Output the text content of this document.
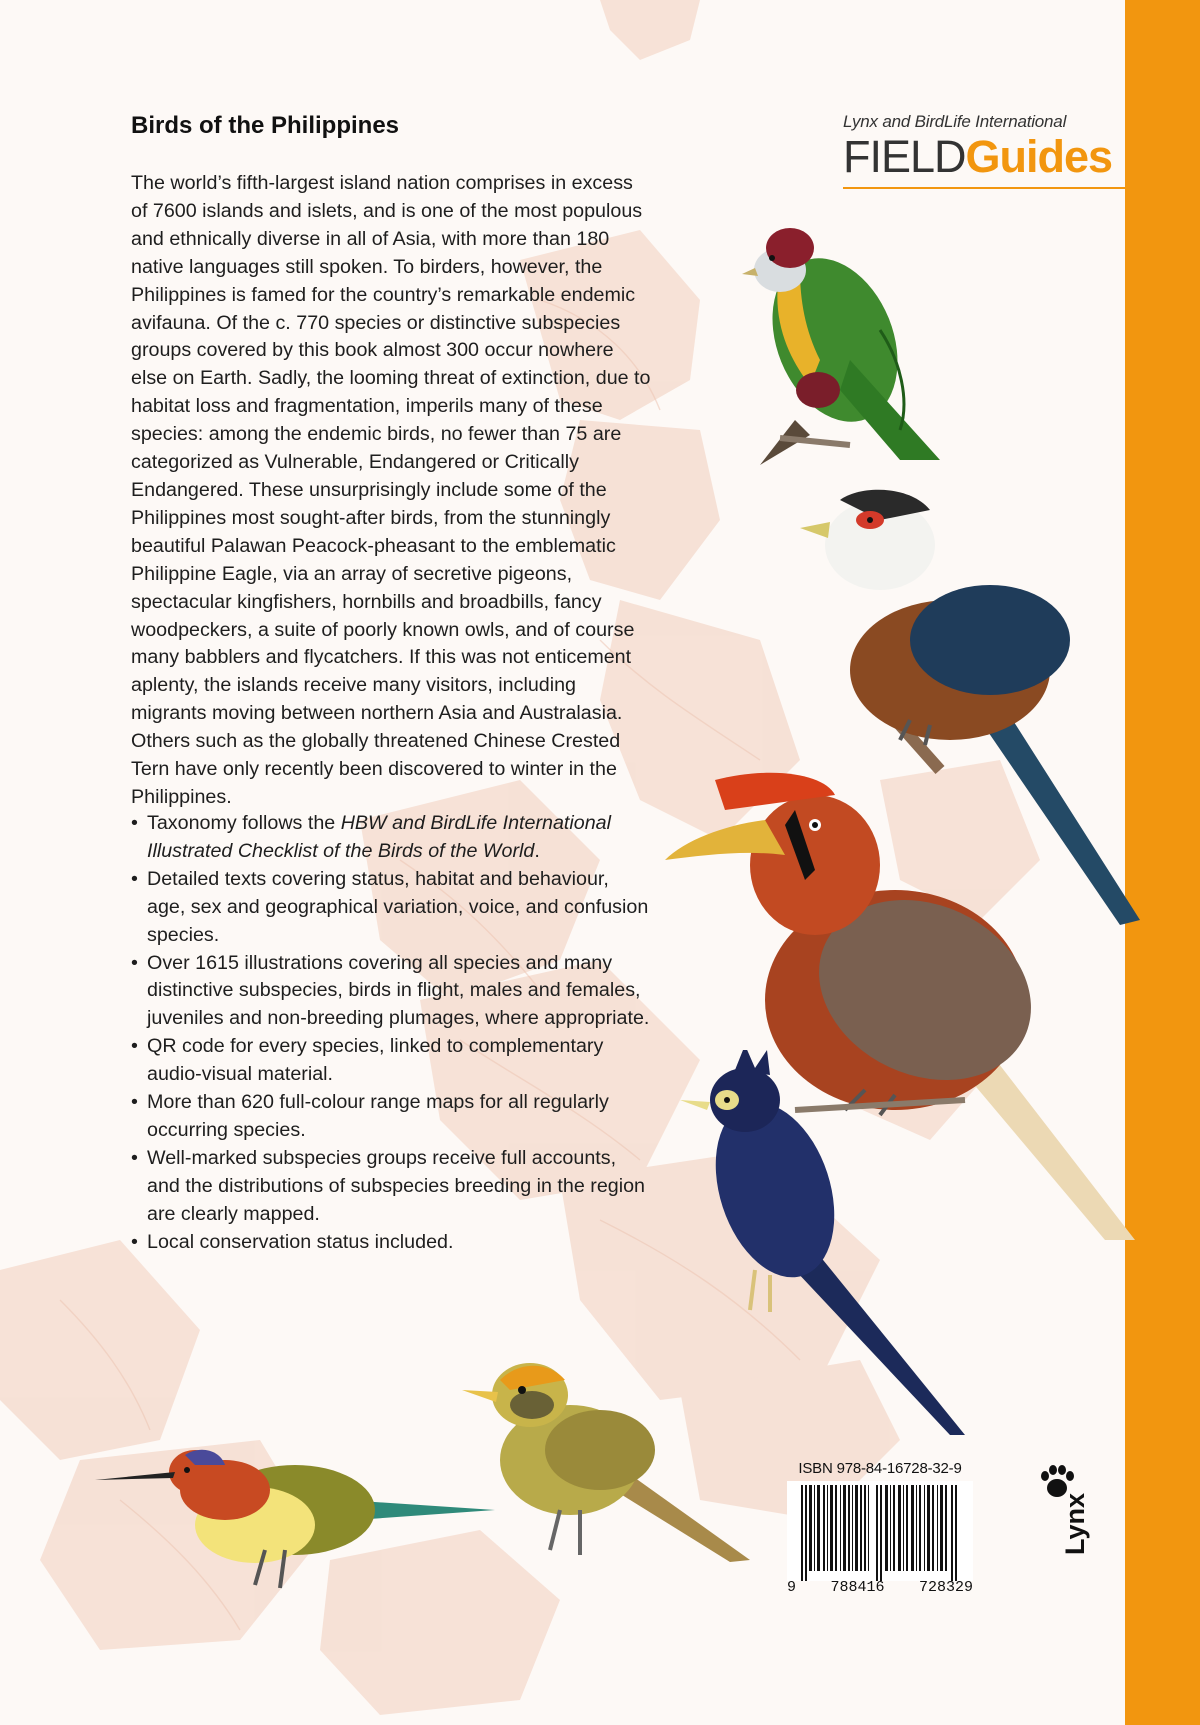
Birds of the Philippines

The world’s fifth-largest island nation comprises in excess of 7600 islands and islets, and is one of the most populous and ethnically diverse in all of Asia, with more than 180 native languages still spoken. To birders, however, the Philippines is famed for the country’s remarkable endemic avifauna. Of the c. 770 species or distinctive subspecies groups covered by this book almost 300 occur nowhere else on Earth. Sadly, the looming threat of extinction, due to habitat loss and fragmentation, imperils many of these species: among the endemic birds, no fewer than 75 are categorized as Vulnerable, Endangered or Critically Endangered. These unsurprisingly include some of the Philippines most sought-after birds, from the stunningly beautiful Palawan Peacock-pheasant to the emblematic Philippine Eagle, via an array of secretive pigeons, spectacular kingfishers, hornbills and broadbills, fancy woodpeckers, a suite of poorly known owls, and of course many babblers and flycatchers. If this was not enticement aplenty, the islands receive many visitors, including migrants moving between northern Asia and Australasia. Others such as the globally threatened Chinese Crested Tern have only recently been discovered to winter in the Philippines.

• Taxonomy follows the HBW and BirdLife International Illustrated Checklist of the Birds of the World.
• Detailed texts covering status, habitat and behaviour, age, sex and geographical variation, voice, and confusion species.
• Over 1615 illustrations covering all species and many distinctive subspecies, birds in flight, males and females, juveniles and non-breeding plumages, where appropriate.
• QR code for every species, linked to complementary audio-visual material.
• More than 620 full-colour range maps for all regularly occurring species.
• Well-marked subspecies groups receive full accounts, and the distributions of subspecies breeding in the region are clearly mapped.
• Local conservation status included.
Lynx and BirdLife International
FIELDGuides
ISBN 978-84-16728-32-9
9 788416 728329
Lynx
